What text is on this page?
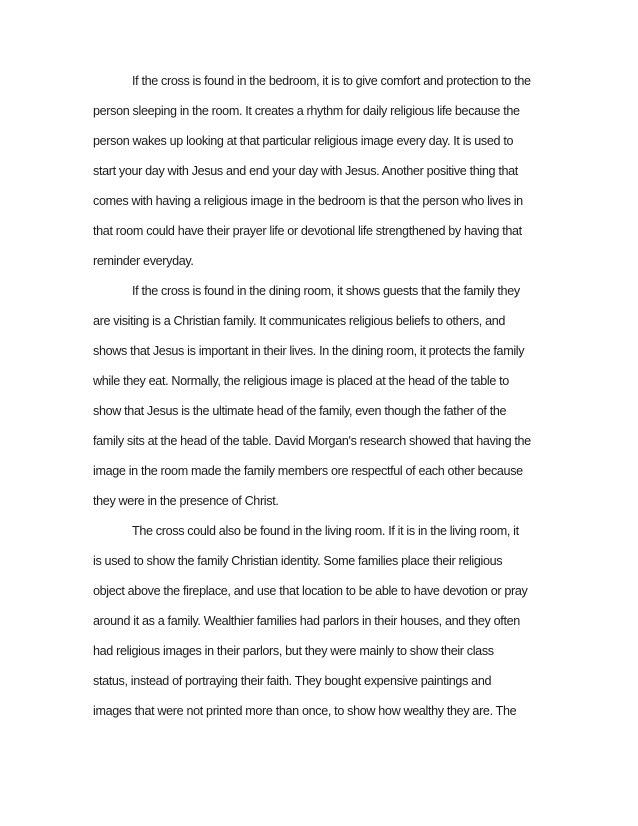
If the cross is found in the bedroom, it is to give comfort and protection to the
person sleeping in the room. It creates a rhythm for daily religious life because the
person wakes up looking at that particular religious image every day. It is used to
start your day with Jesus and end your day with Jesus. Another positive thing that
comes with having a religious image in the bedroom is that the person who lives in
that room could have their prayer life or devotional life strengthened by having that
reminder everyday.
If the cross is found in the dining room, it shows guests that the family they
are visiting is a Christian family. It communicates religious beliefs to others, and
shows that Jesus is important in their lives. In the dining room, it protects the family
while they eat. Normally, the religious image is placed at the head of the table to
show that Jesus is the ultimate head of the family, even though the father of the
family sits at the head of the table. David Morgan's research showed that having the
image in the room made the family members ore respectful of each other because
they were in the presence of Christ.
The cross could also be found in the living room. If it is in the living room, it
is used to show the family Christian identity. Some families place their religious
object above the fireplace, and use that location to be able to have devotion or pray
around it as a family. Wealthier families had parlors in their houses, and they often
had religious images in their parlors, but they were mainly to show their class
status, instead of portraying their faith. They bought expensive paintings and
images that were not printed more than once, to show how wealthy they are. The
